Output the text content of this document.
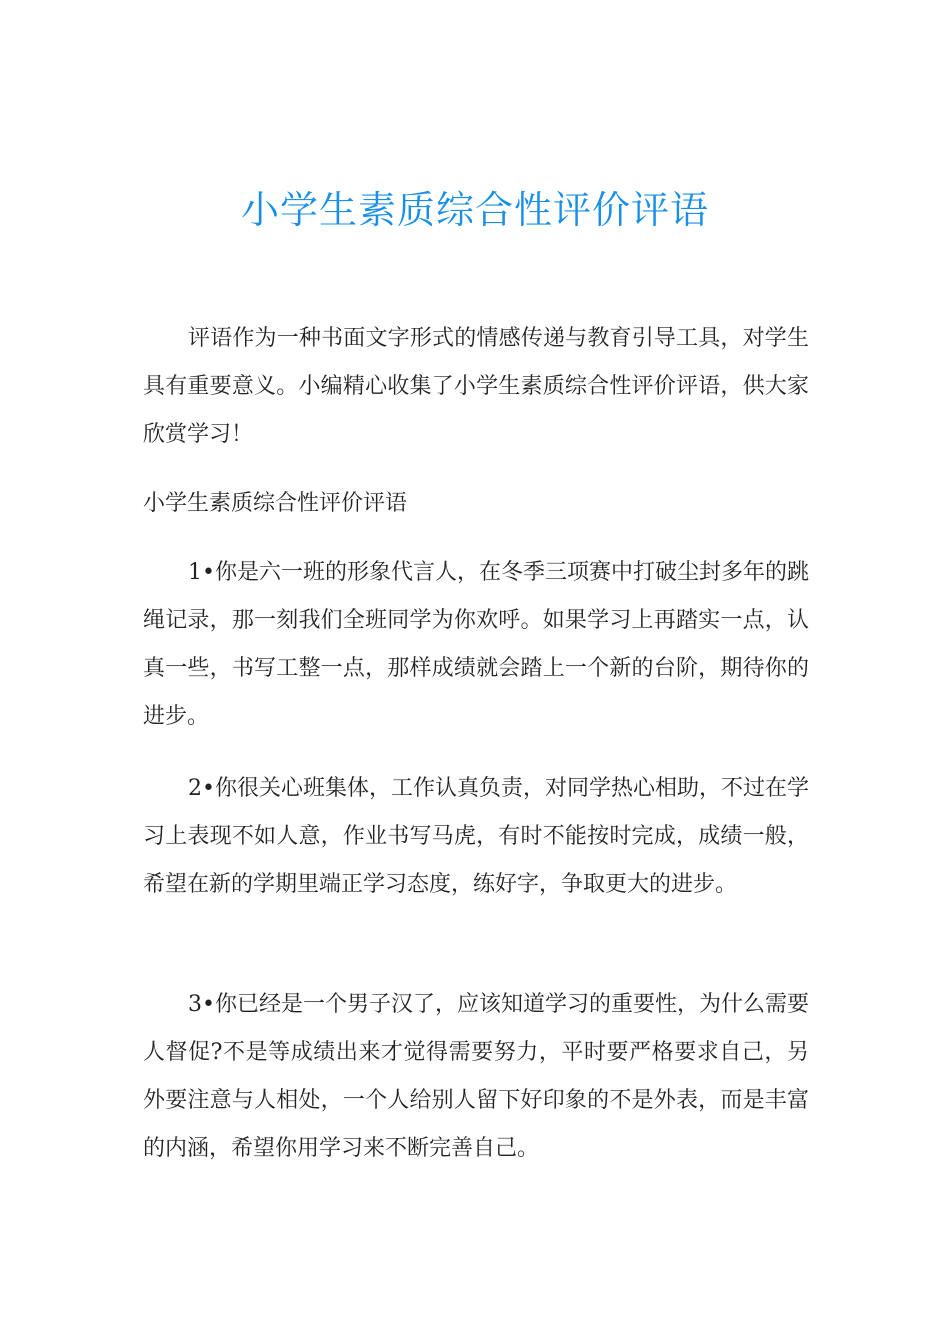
小学生素质综合性评价评语

评语作为一种书面文字形式的情感传递与教育引导工具，对学生具有重要意义。小编精心收集了小学生素质综合性评价评语，供大家欣赏学习！

小学生素质综合性评价评语

1•你是六一班的形象代言人，在冬季三项赛中打破尘封多年的跳绳记录，那一刻我们全班同学为你欢呼。如果学习上再踏实一点，认真一些，书写工整一点，那样成绩就会踏上一个新的台阶，期待你的进步。

2•你很关心班集体，工作认真负责，对同学热心相助，不过在学习上表现不如人意，作业书写马虎，有时不能按时完成，成绩一般，希望在新的学期里端正学习态度，练好字，争取更大的进步。

3•你已经是一个男子汉了，应该知道学习的重要性，为什么需要人督促?不是等成绩出来才觉得需要努力，平时要严格要求自己，另外要注意与人相处，一个人给别人留下好印象的不是外表，而是丰富的内涵，希望你用学习来不断完善自己。
